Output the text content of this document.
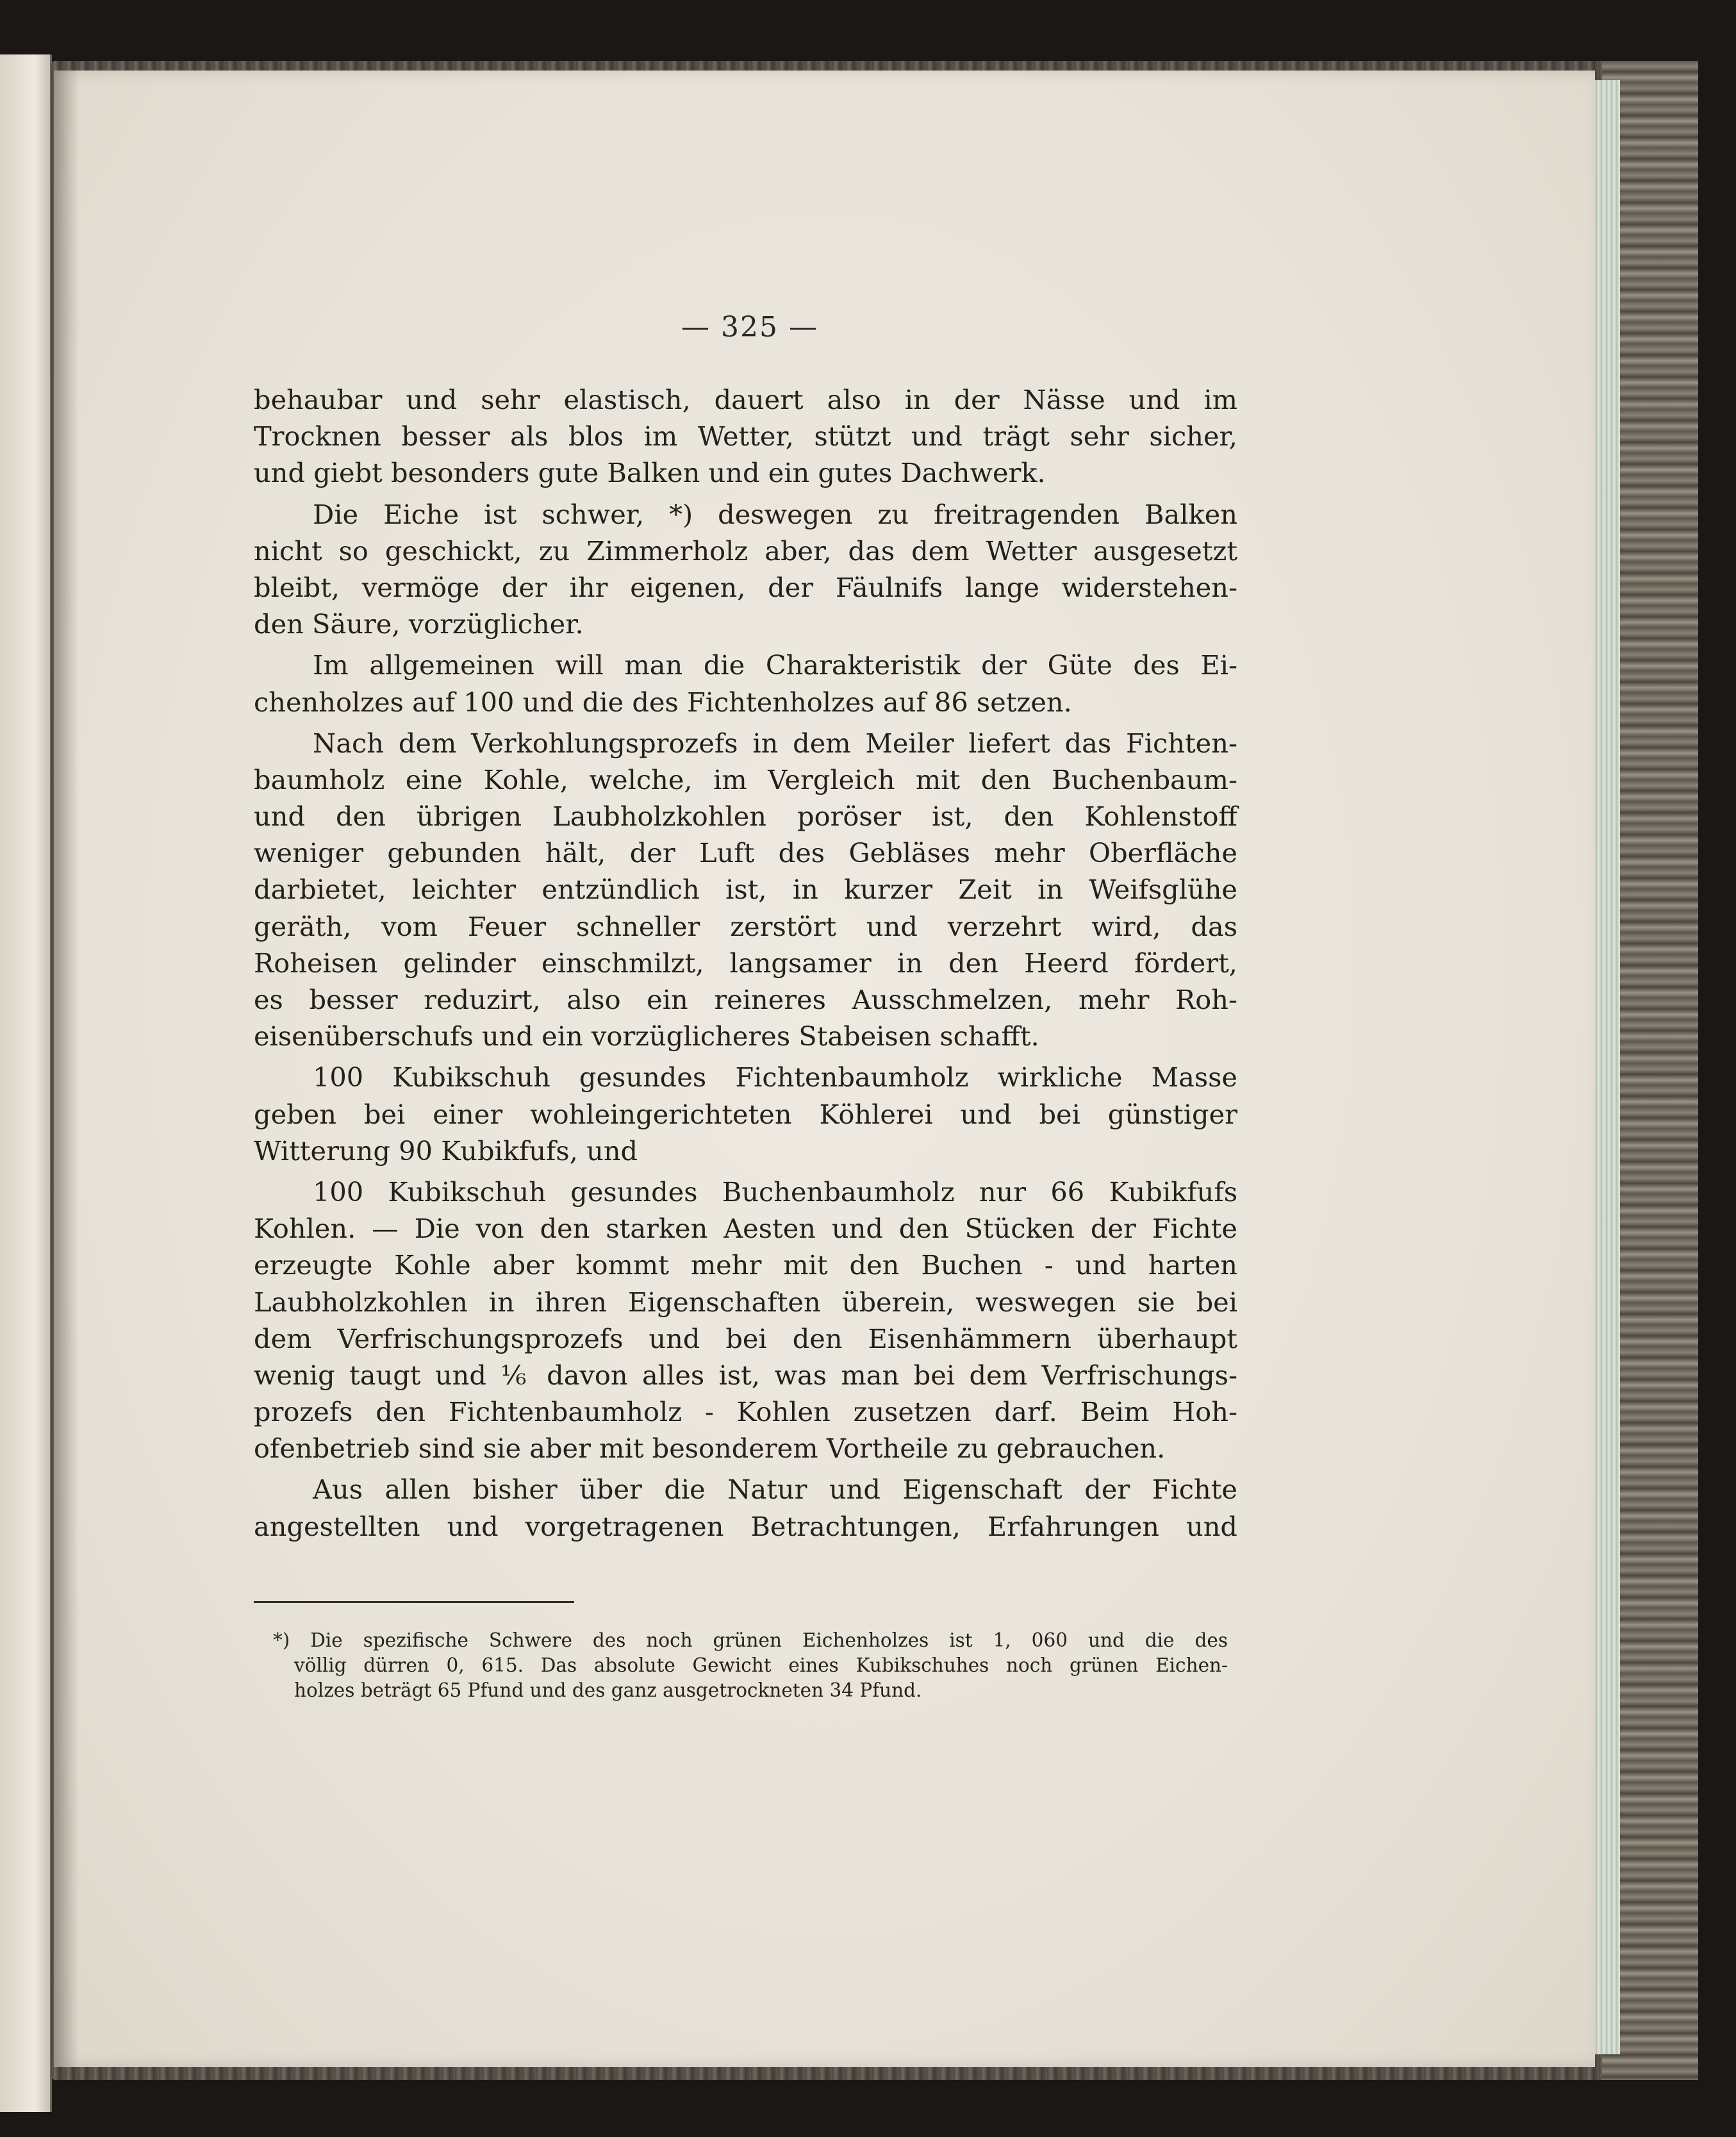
— 325 —
behaubar und sehr elastisch, dauert also in der Nässe und im
Trocknen besser als blos im Wetter, stützt und trägt sehr sicher,
und giebt besonders gute Balken und ein gutes Dachwerk.
Die Eiche ist schwer, *) deswegen zu freitragenden Balken
nicht so geschickt, zu Zimmerholz aber, das dem Wetter ausgesetzt
bleibt, vermöge der ihr eigenen, der Fäulnifs lange widerstehen-
den Säure, vorzüglicher.
Im allgemeinen will man die Charakteristik der Güte des Ei-
chenholzes auf 100 und die des Fichtenholzes auf 86 setzen.
Nach dem Verkohlungsprozefs in dem Meiler liefert das Fichten-
baumholz eine Kohle, welche, im Vergleich mit den Buchenbaum-
und den übrigen Laubholzkohlen poröser ist, den Kohlenstoff
weniger gebunden hält, der Luft des Gebläses mehr Oberfläche
darbietet, leichter entzündlich ist, in kurzer Zeit in Weifsglühe
geräth, vom Feuer schneller zerstört und verzehrt wird, das
Roheisen gelinder einschmilzt, langsamer in den Heerd fördert,
es besser reduzirt, also ein reineres Ausschmelzen, mehr Roh-
eisenüberschufs und ein vorzüglicheres Stabeisen schafft.
100 Kubikschuh gesundes Fichtenbaumholz wirkliche Masse
geben bei einer wohleingerichteten Köhlerei und bei günstiger
Witterung 90 Kubikfufs, und
100 Kubikschuh gesundes Buchenbaumholz nur 66 Kubikfufs
Kohlen. — Die von den starken Aesten und den Stücken der Fichte
erzeugte Kohle aber kommt mehr mit den Buchen - und harten
Laubholzkohlen in ihren Eigenschaften überein, weswegen sie bei
dem Verfrischungsprozefs und bei den Eisenhämmern überhaupt
wenig taugt und ⅙ davon alles ist, was man bei dem Verfrischungs-
prozefs den Fichtenbaumholz - Kohlen zusetzen darf. Beim Hoh-
ofenbetrieb sind sie aber mit besonderem Vortheile zu gebrauchen.
Aus allen bisher über die Natur und Eigenschaft der Fichte
angestellten und vorgetragenen Betrachtungen, Erfahrungen und
*) Die spezifische Schwere des noch grünen Eichenholzes ist 1, 060 und die des
völlig dürren 0, 615. Das absolute Gewicht eines Kubikschuhes noch grünen Eichen-
holzes beträgt 65 Pfund und des ganz ausgetrockneten 34 Pfund.
